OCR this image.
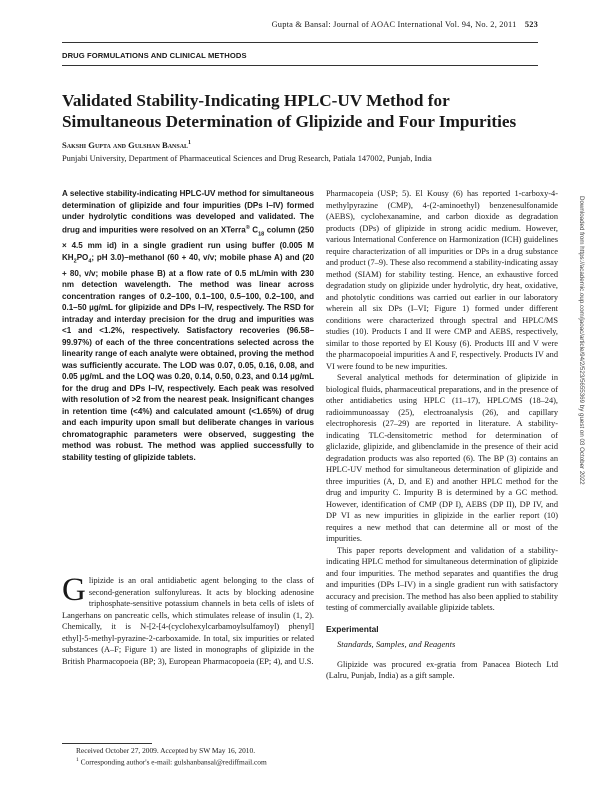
Gupta & Bansal: Journal of AOAC International Vol. 94, No. 2, 2011 523
DRUG FORMULATIONS AND CLINICAL METHODS
Validated Stability-Indicating HPLC-UV Method for Simultaneous Determination of Glipizide and Four Impurities
Sakshi Gupta and Gulshan Bansal$^1$
Punjabi University, Department of Pharmaceutical Sciences and Drug Research, Patiala 147002, Punjab, India
A selective stability-indicating HPLC-UV method for simultaneous determination of glipizide and four impurities (DPs I–IV) formed under hydrolytic conditions was developed and validated. The drug and impurities were resolved on an XTerra® $C_{18}$ column (250 × 4.5 mm id) in a single gradient run using buffer (0.005 M $KH_2PO_4$; pH 3.0)–methanol (60 + 40, v/v; mobile phase A) and (20 + 80, v/v; mobile phase B) at a flow rate of 0.5 mL/min with 230 nm detection wavelength. The method was linear across concentration ranges of 0.2–100, 0.1–100, 0.5–100, 0.2–100, and 0.1–50 µg/mL for glipizide and DPs I–IV, respectively. The RSD for intraday and interday precision for the drug and impurities was <1 and <1.2%, respectively. Satisfactory recoveries (96.58–99.97%) of each of the three concentrations selected across the linearity range of each analyte were obtained, proving the method was sufficiently accurate. The LOD was 0.07, 0.05, 0.16, 0.08, and 0.05 µg/mL and the LOQ was 0.20, 0.14, 0.50, 0.23, and 0.14 µg/mL for the drug and DPs I–IV, respectively. Each peak was resolved with resolution of >2 from the nearest peak. Insignificant changes in retention time (<4%) and calculated amount (<1.65%) of drug and each impurity upon small but deliberate changes in various chromatographic parameters were observed, suggesting the method was robust. The method was applied successfully to stability testing of glipizide tablets.
Glipizide is an oral antidiabetic agent belonging to the class of second-generation sulfonylureas. It acts by blocking adenosine triphosphate-sensitive potassium channels in beta cells of islets of Langerhans on pancreatic cells, which stimulates release of insulin (1, 2). Chemically, it is N-[2-[4-(cyclohexylcarbamoylsulfamoyl) phenyl] ethyl]-5-methyl-pyrazine-2-carboxamide. In total, six impurities or related substances (A–F; Figure 1) are listed in monographs of glipizide in the British Pharmacopoeia (BP; 3), European Pharmacopoeia (EP; 4), and U.S.
Received October 27, 2009. Accepted by SW May 16, 2010.
$^1$ Corresponding author's e-mail: gulshanbansal@rediffmail.com

Pharmacopeia (USP; 5). El Kousy (6) has reported 1-carboxy-4-methylpyrazine (CMP), 4-(2-aminoethyl) benzenesulfonamide (AEBS), cyclohexanamine, and carbon dioxide as degradation products (DPs) of glipizide in strong acidic medium. However, various International Conference on Harmonization (ICH) guidelines require characterization of all impurities or DPs in a drug substance and product (7–9). These also recommend a stability-indicating assay method (SIAM) for stability testing. Hence, an exhaustive forced degradation study on glipizide under hydrolytic, dry heat, oxidative, and photolytic conditions was carried out earlier in our laboratory wherein all six DPs (I–VI; Figure 1) formed under different conditions were characterized through spectral and HPLC/MS studies (10). Products I and II were CMP and AEBS, respectively, similar to those reported by El Kousy (6). Products III and V were the pharmacopoeial impurities A and F, respectively. Products IV and VI were found to be new impurities.

Several analytical methods for determination of glipizide in biological fluids, pharmaceutical preparations, and in the presence of other antidiabetics using HPLC (11–17), HPLC/MS (18–24), radioimmunoassay (25), electroanalysis (26), and capillary electrophoresis (27–29) are reported in literature. A stability-indicating TLC-densitometric method for determination of gliclazide, glipizide, and glibenclamide in the presence of their acid degradation products was also reported (6). The BP (3) contains an HPLC-UV method for simultaneous determination of glipizide and three impurities (A, D, and E) and another HPLC method for the drug and impurity C. Impurity B is determined by a GC method. However, identification of CMP (DP I), AEBS (DP II), DP IV, and DP VI as new impurities in glipizide in the earlier report (10) requires a new method that can determine all or most of the impurities.

This paper reports development and validation of a stability-indicating HPLC method for simultaneous determination of glipizide and four impurities. The method separates and quantifies the drug and impurities (DPs I–IV) in a single gradient run with satisfactory accuracy and precision. The method has also been applied to stability testing of commercially available glipizide tablets.

Experimental
Standards, Samples, and Reagents

Glipizide was procured ex-gratia from Panacea Biotech Ltd (Lalru, Punjab, India) as a gift sample.

Downloaded from https://academic.oup.com/jaoac/article/94/2/523/5655369 by guest on 03 October 2022
